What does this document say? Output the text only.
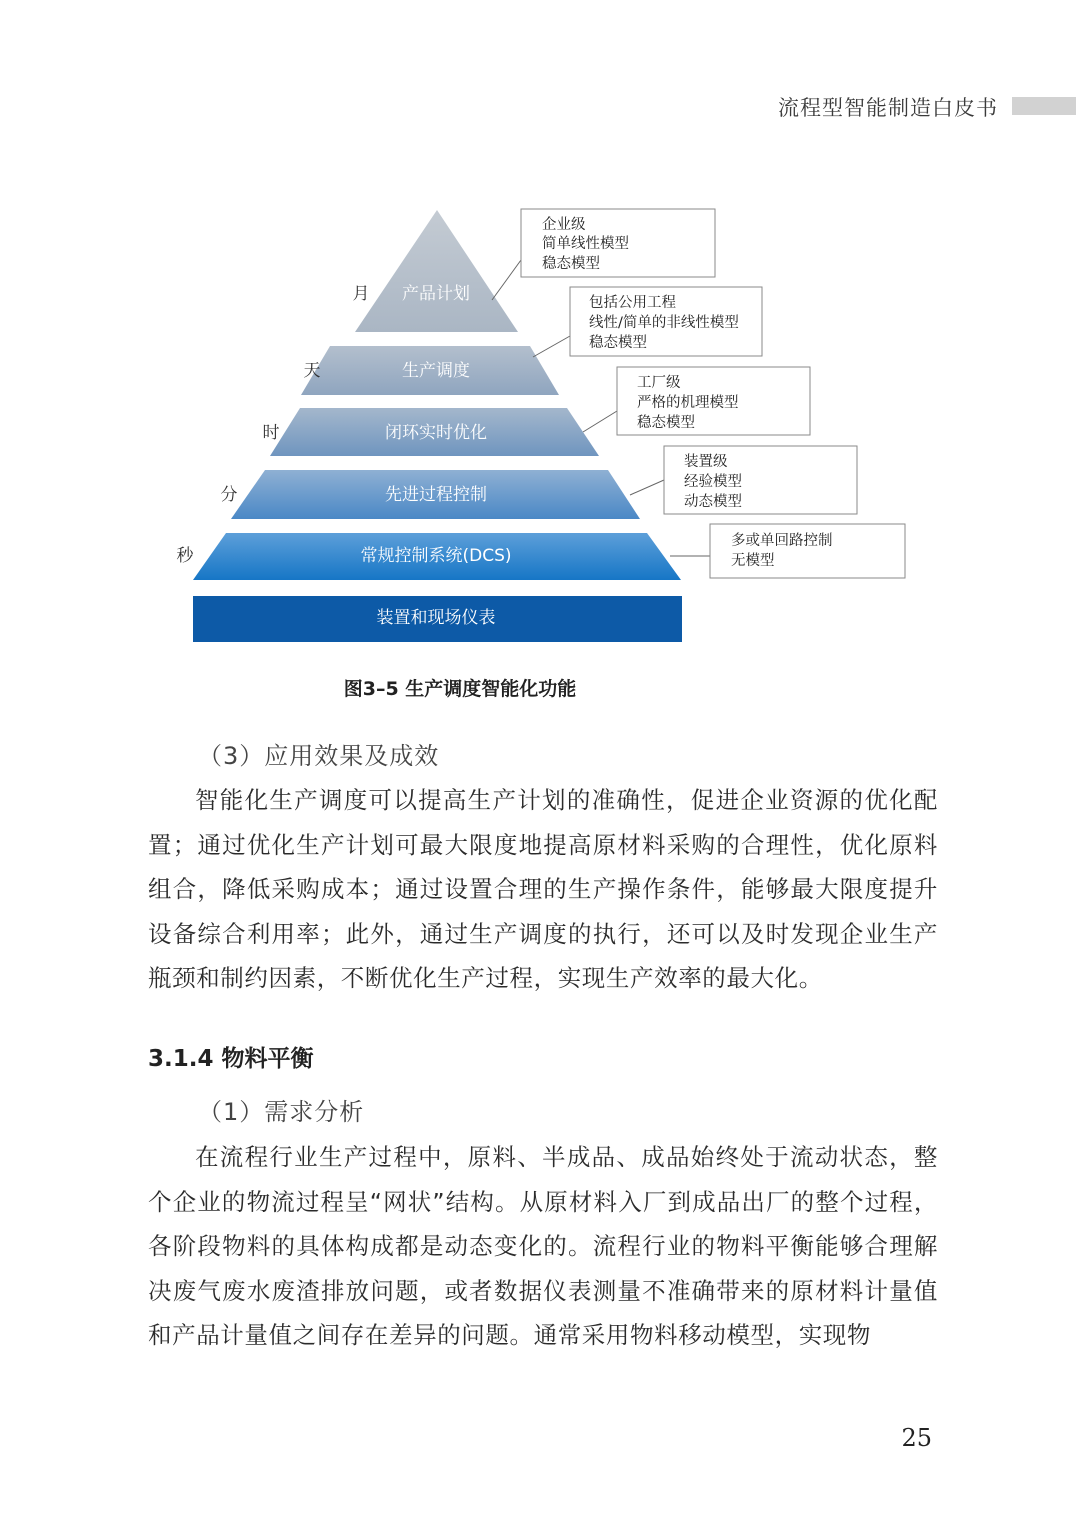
流程型智能制造白皮书
产品计划
生产调度
闭环实时优化
先进过程控制
常规控制系统(DCS)
装置和现场仪表
月
天
时
分
秒
企业级
简单线性模型
稳态模型
包括公用工程
线性/简单的非线性模型
稳态模型
工厂级
严格的机理模型
稳态模型
装置级
经验模型
动态模型
多或单回路控制
无模型
图3–5 生产调度智能化功能
（3）应用效果及成效
智能化生产调度可以提高生产计划的准确性，促进企业资源的优化配置；通过优化生产计划可最大限度地提高原材料采购的合理性，优化原料组合，降低采购成本；通过设置合理的生产操作条件，能够最大限度提升设备综合利用率；此外，通过生产调度的执行，还可以及时发现企业生产瓶颈和制约因素，不断优化生产过程，实现生产效率的最大化。
3.1.4 物料平衡
（1）需求分析
在流程行业生产过程中，原料、半成品、成品始终处于流动状态，整个企业的物流过程呈“网状”结构。从原材料入厂到成品出厂的整个过程，各阶段物料的具体构成都是动态变化的。流程行业的物料平衡能够合理解决废气废水废渣排放问题，或者数据仪表测量不准确带来的原材料计量值和产品计量值之间存在差异的问题。通常采用物料移动模型，实现物
25
